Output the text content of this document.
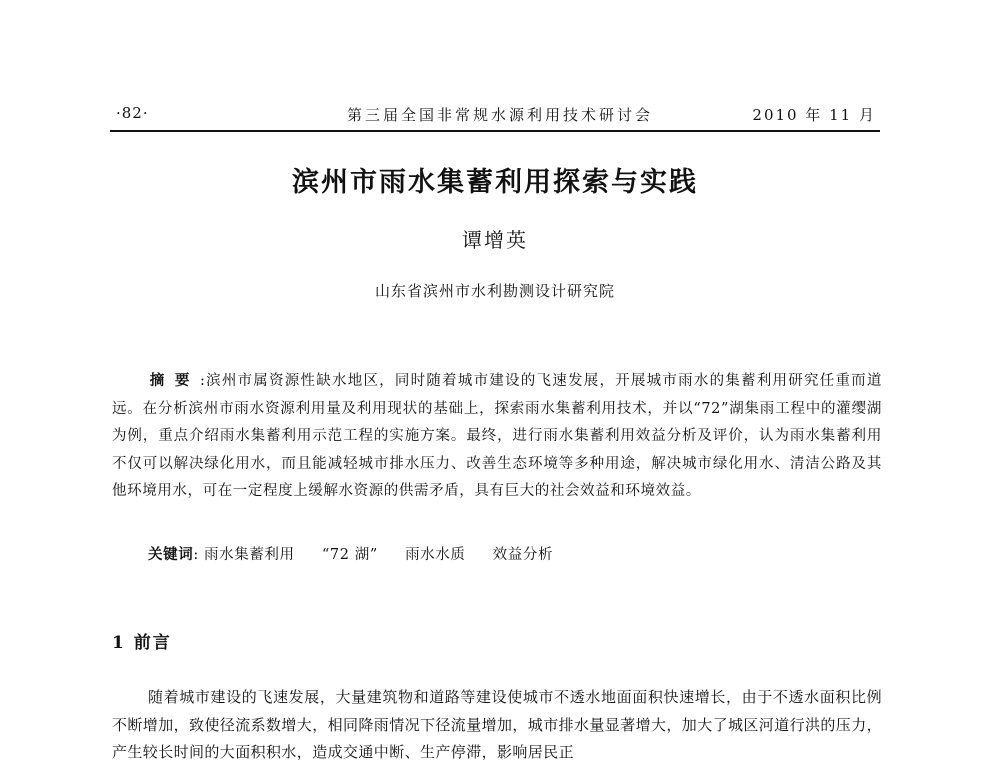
·82·	第三届全国非常规水源利用技术研讨会	2010 年 11 月
滨州市雨水集蓄利用探索与实践
谭增英
山东省滨州市水利勘测设计研究院
摘要:滨州市属资源性缺水地区，同时随着城市建设的飞速发展，开展城市雨水的集蓄利用研究任重而道远。在分析滨州市雨水资源利用量及利用现状的基础上，探索雨水集蓄利用技术，并以“72”湖集雨工程中的灌缨湖为例，重点介绍雨水集蓄利用示范工程的实施方案。最终，进行雨水集蓄利用效益分析及评价，认为雨水集蓄利用不仅可以解决绿化用水，而且能减轻城市排水压力、改善生态环境等多种用途，解决城市绿化用水、清洁公路及其他环境用水，可在一定程度上缓解水资源的供需矛盾，具有巨大的社会效益和环境效益。
关键词: 雨水集蓄利用 “72 湖” 雨水水质 效益分析
1 前言
随着城市建设的飞速发展，大量建筑物和道路等建设使城市不透水地面面积快速增长，由于不透水面积比例不断增加，致使径流系数增大，相同降雨情况下径流量增加，城市排水量显著增大，加大了城区河道行洪的压力，产生较长时间的大面积积水，造成交通中断、生产停滞，影响居民正
